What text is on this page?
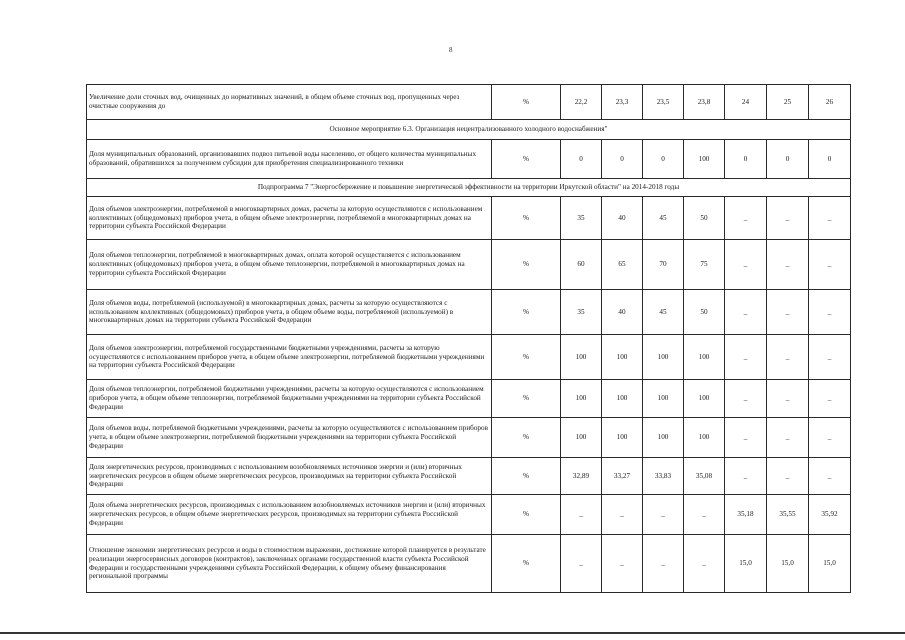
8
Увеличение доли сточных вод, очищенных до нормативных значений, в общем объеме сточных вод, пропущенных через очистные сооружения до	%	22,2	23,3	23,5	23,8	24	25	26
Основное мероприятие 6.3. Организация нецентрализованного холодного водоснабжения"								
Доля муниципальных образований, организовавших подвоз питьевой воды населению, от общего количества муниципальных образований, обратившихся за получением субсидии для приобретения специализированного техники	%	0	0	0	100	0	0	0
Подпрограмма 7 "Энергосбережение и повышение энергетической эффективности на территории Иркутской области" на 2014-2018 годы								
Доля объемов электроэнергии, потребляемой в многоквартирных домах, расчеты за которую осуществляются с использованием коллективных (общедомовых) приборов учета, в общем объеме электроэнергии, потребляемой в многоквартирных домах на территории субъекта Российской Федерации	%	35	40	45	50	_	_	_
Доля объемов теплоэнергии, потребляемой в многоквартирных домах, оплата которой осуществляется с использованием коллективных (общедомовых) приборов учета, в общем объеме теплоэнергии, потребляемой в многоквартирных домах на территории субъекта Российской Федерации	%	60	65	70	75	_	_	_
Доля объемов воды, потребляемой (используемой) в многоквартирных домах, расчеты за которую осуществляются с использованием коллективных (общедомовых) приборов учета, в общем объеме воды, потребляемой (используемой) в многоквартирных домах на территории субъекта Российской Федерации	%	35	40	45	50	_	_	_
Доля объемов электроэнергии, потребляемой государственными бюджетными учреждениями, расчеты за которую осуществляются с использованием приборов учета, в общем объеме электроэнергии, потребляемой бюджетными учреждениями на территории субъекта Российской Федерации	%	100	100	100	100	_	_	_
Доля объемов теплоэнергии, потребляемой бюджетными учреждениями, расчеты за которую осуществляются с использованием приборов учета, в общем объеме теплоэнергии, потребляемой бюджетными учреждениями на территории субъекта Российской Федерации	%	100	100	100	100	_	_	_
Доля объемов воды, потребляемой бюджетными учреждениями, расчеты за которую осуществляются с использованием приборов учета, в общем объеме электроэнергии, потребляемой бюджетными учреждениями на территории субъекта Российской Федерации	%	100	100	100	100	_	_	_
Доля энергетических ресурсов, производимых с использованием возобновляемых источников энергии и (или) вторичных энергетических ресурсов в общем объеме энергетических ресурсов, производимых на территории субъекта Российской Федерации	%	32,89	33,27	33,83	35,08	_	_	_
Доля объема энергетических ресурсов, производимых с использованием возобновляемых источников энергии и (или) вторичных энергетических ресурсов, в общем объеме энергетических ресурсов, производимых на территории субъекта Российской Федерации	%	_	_	_	_	35,18	35,55	35,92
Отношение экономии энергетических ресурсов и воды в стоимостном выражении, достижение которой планируется в результате реализации энергосервисных договоров (контрактов), заключенных органами государственной власти субъекта Российской Федерации и государственными учреждениями субъекта Российской Федерации, к общему объему финансирования региональной программы	%	_	_	_	_	15,0	15,0	15,0
